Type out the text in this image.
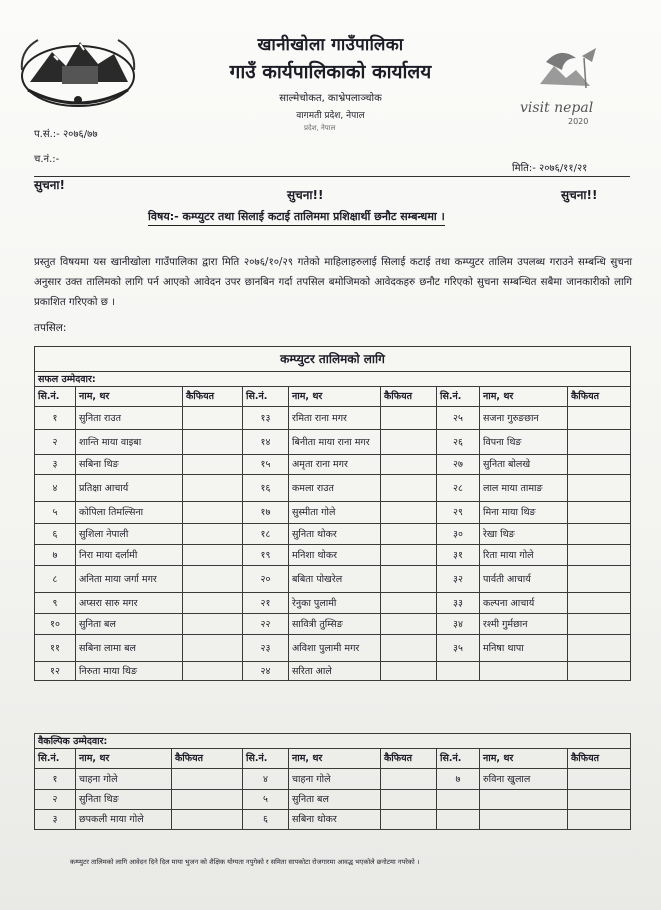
visit nepal
2020
खानीखोला गाउँपालिका
गाउँ कार्यपालिकाको कार्यालय
साल्मेचोकत, काभ्रेपलाञ्चोक
वागमती प्रदेश, नेपाल
प्रदेश, नेपाल
प.सं.:- २०७६/७७
च.नं.:-
मिति:- २०७६/११/२१
सुचना!
सुचना!!	सुचना!!
विषय:- कम्प्युटर तथा सिलाई कटाई तालिममा प्रशिक्षार्थी छनौट सम्बन्धमा ।
प्रस्तुत विषयमा यस खानीखोला गाउँपालिका द्वारा मिति २०७६/१०/२९ गतेको माहिलाहरुलाई सिलाई कटाई तथा कम्प्युटर तालिम उपलब्ध गराउने सम्बन्धि सुचना अनुसार उक्त तालिमको लागि पर्न आएको आवेदन उपर छानबिन गर्दा तपसिल बमोजिमको आवेदकहरु छनौट गरिएको सुचना सम्बन्धित सबैमा जानकारीको लागि प्रकाशित गरिएको छ ।
तपसिल:
कम्प्युटर तालिमको लागि								
सफल उम्मेदवार:								
सि.नं.	नाम, थर	कैफियत	सि.नं.	नाम, थर	कैफियत	सि.नं.	नाम, थर	कैफियत
१	सुनिता राउत		१३	रमिता राना मगर		२५	सजना गुरुङछान	
२	शान्ति माया वाइबा		१४	बिनीता माया राना मगर		२६	विपना थिङ	
३	सबिना थिङ		१५	अमृता राना मगर		२७	सुनिता बोलखे	
४	प्रतिक्षा आचार्य		१६	कमला राउत		२८	लाल माया तामाङ	
५	कोपिला तिमल्सिना		१७	सुस्मीता गोले		२९	मिना माया थिङ	
६	सुशिला नेपाली		१८	सुनिता थोकर		३०	रेखा थिङ	
७	निरा माया दर्लामी		१९	मनिशा थोकर		३१	रिता माया गोले	
८	अनिता माया जर्गा मगर		२०	बबिता पोखरेल		३२	पार्वती आचार्य	
९	अप्सरा सारु मगर		२१	रेनुका पुलामी		३३	कल्पना आचार्य	
१०	सुनिता बल		२२	सावित्री तुम्सिङ		३४	रश्मी गुर्मछान	
११	सबिना लामा बल		२३	अविशा पुलामी मगर		३५	मनिषा थापा	
१२	निरुता माया थिङ		२४	सरिता आले				
वैकल्पिक उम्मेदवार:								
सि.नं.	नाम, थर	कैफियत	सि.नं.	नाम, थर	कैफियत	सि.नं.	नाम, थर	कैफियत
१	चाहना गोले		४	चाहना गोले		७	रुविना खुलाल	
२	सुनिता थिङ		५	सुनिता बल				
३	छपकली माया गोले		६	सबिना थोकर				
कम्प्युटर तालिमको लागि आवेदन दिने दिल माया भुजन को शैक्षिक योग्यता नपुगेको र समिता सापकोटा रोजगारमा आवद्ध भएकोले छनोटमा नपरेको ।
